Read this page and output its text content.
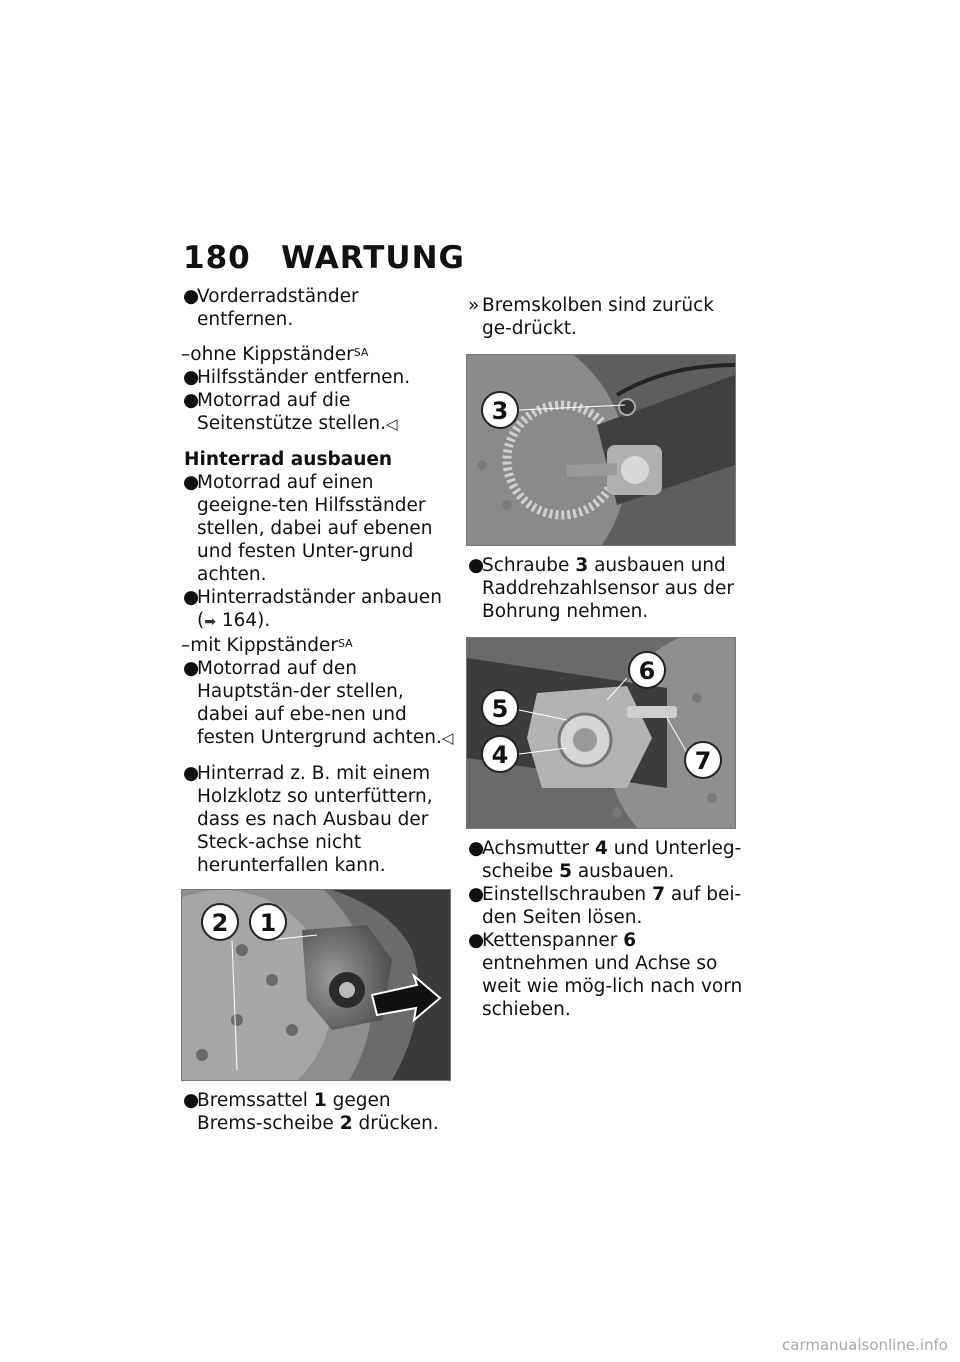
180 WARTUNG

●
Vorderradständer entfernen.

–ohne Kippständer$^{SA}$

●
Hilfsständer entfernen.

●
Motorrad auf die Seitenstütze stellen.◁

Hinterrad ausbauen

●
Motorrad auf einen geeigne-ten Hilfsständer stellen, dabei auf ebenen und festen Unter-grund achten.

●
Hinterradständer anbauen
(➡ 164).

–mit Kippständer$^{SA}$

●
Motorrad auf den Hauptstän-der stellen, dabei auf ebe-nen und festen Untergrund achten.◁

●
Hinterrad z. B. mit einem Holzklotz so unterfüttern, dass es nach Ausbau der Steck-achse nicht herunterfallen kann.

2 1

●
Bremssattel 1 gegen Brems-scheibe 2 drücken.

» Bremskolben sind zurück ge-drückt.

3

●
Schraube 3 ausbauen und Raddrehzahlsensor aus der Bohrung nehmen.

6
5
4	7

●
Achsmutter 4 und Unterleg-scheibe 5 ausbauen.

●
Einstellschrauben 7 auf bei-den Seiten lösen.

●
Kettenspanner 6 entnehmen und Achse so weit wie mög-lich nach vorn schieben.

carmanualsonline.info
